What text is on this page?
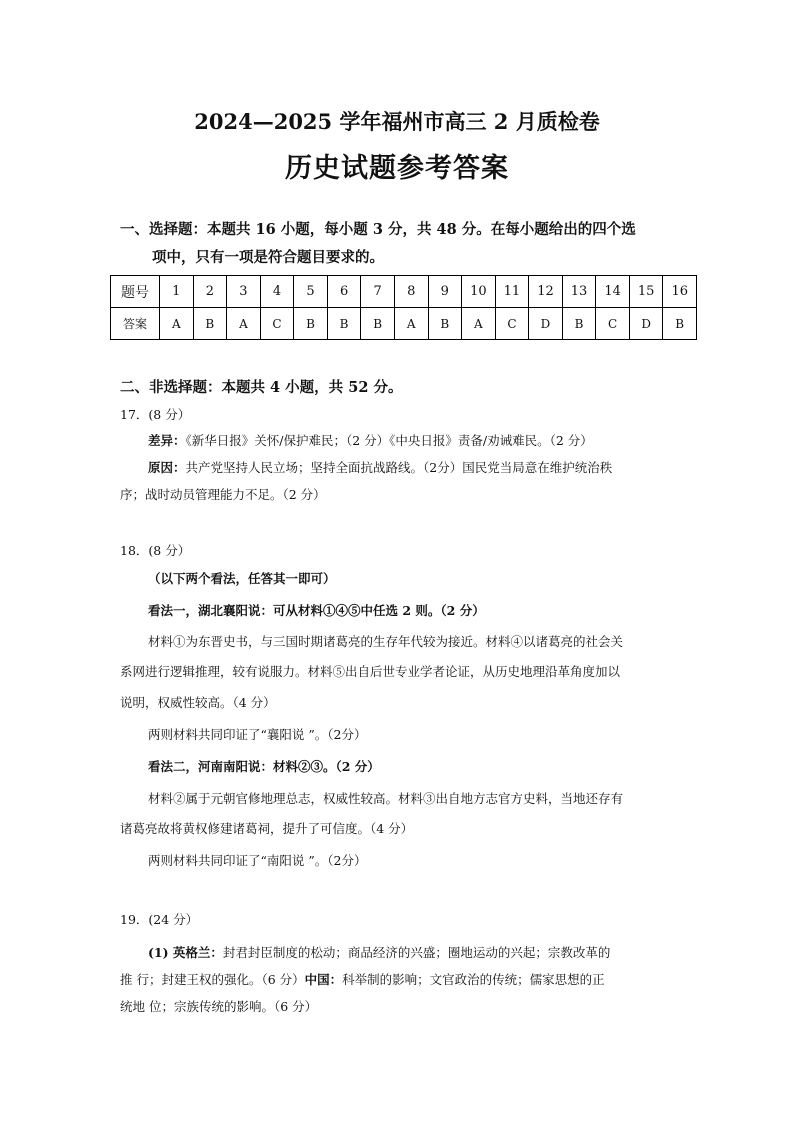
2024—2025 学年福州市高三 2 月质检卷
历史试题参考答案
一、选择题：本题共 16 小题，每小题 3 分，共 48 分。在每小题给出的四个选
项中，只有一项是符合题目要求的。
题号	1	2	3	4	5	6	7	8	9	10	11	12	13	14	15	16
答案	A	B	A	C	B	B	B	A	B	A	C	D	B	C	D	B
二、非选择题：本题共 4 小题，共 52 分。
17．(8 分）
差异：《新华日报》关怀/保护难民；（2 分）《中央日报》责备/劝诫难民。（2 分）
原因：共产党坚持人民立场；坚持全面抗战路线。（2分）国民党当局意在维护统治秩
序；战时动员管理能力不足。（2 分）
18．(8 分）
（以下两个看法，任答其一即可）
看法一，湖北襄阳说：可从材料①④⑤中任选 2 则。（2 分）
材料①为东晋史书，与三国时期诸葛亮的生存年代较为接近。材料④以诸葛亮的社会关
系网进行逻辑推理，较有说服力。材料⑤出自后世专业学者论证，从历史地理沿革角度加以
说明，权威性较高。（4 分）
两则材料共同印证了“襄阳说 ”。（2分）
看法二，河南南阳说：材料②③。（2 分）
材料②属于元朝官修地理总志，权威性较高。材料③出自地方志官方史料，当地还存有
诸葛亮故将黄权修建诸葛祠，提升了可信度。（4 分）
两则材料共同印证了“南阳说 ”。（2分）
19．(24 分）
(1) 英格兰：封君封臣制度的松动；商品经济的兴盛；圈地运动的兴起；宗教改革的
推 行；封建王权的强化。（6 分）中国：科举制的影响；文官政治的传统；儒家思想的正
统地 位；宗族传统的影响。（6 分）
